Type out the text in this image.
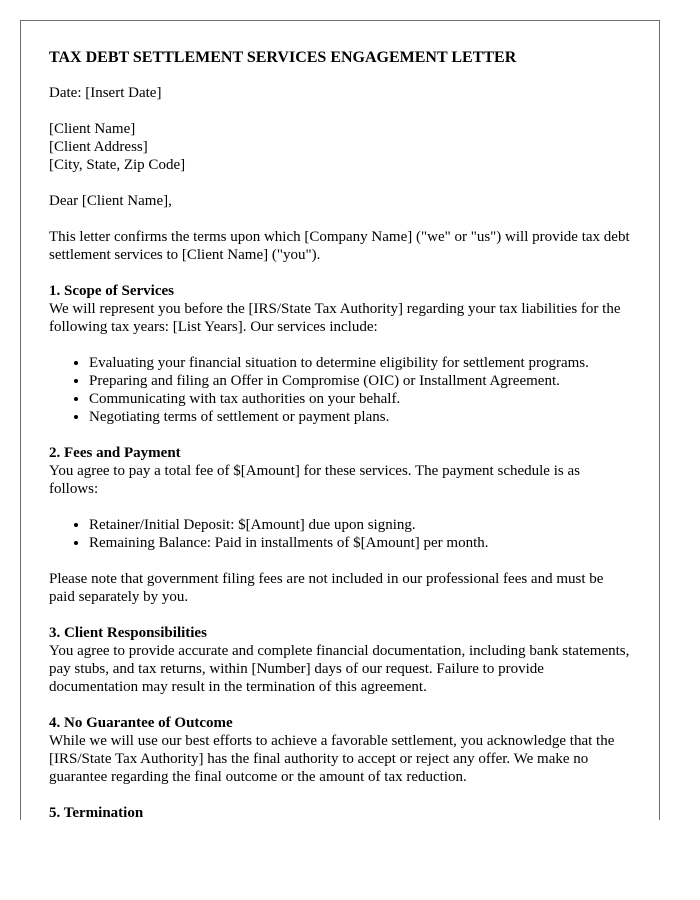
TAX DEBT SETTLEMENT SERVICES ENGAGEMENT LETTER

Date: [Insert Date]

[Client Name]
[Client Address]
[City, State, Zip Code]

Dear [Client Name],

This letter confirms the terms upon which [Company Name] ("we" or "us") will provide tax debt settlement services to [Client Name] ("you").

1. Scope of Services

We will represent you before the [IRS/State Tax Authority] regarding your tax liabilities for the following tax years: [List Years]. Our services include:

• Evaluating your financial situation to determine eligibility for settlement programs.
• Preparing and filing an Offer in Compromise (OIC) or Installment Agreement.
• Communicating with tax authorities on your behalf.
• Negotiating terms of settlement or payment plans.
2. Fees and Payment

You agree to pay a total fee of $[Amount] for these services. The payment schedule is as follows:

• Retainer/Initial Deposit: $[Amount] due upon signing.
• Remaining Balance: Paid in installments of $[Amount] per month.

Please note that government filing fees are not included in our professional fees and must be paid separately by you.

3. Client Responsibilities

You agree to provide accurate and complete financial documentation, including bank statements, pay stubs, and tax returns, within [Number] days of our request. Failure to provide documentation may result in the termination of this agreement.

4. No Guarantee of Outcome

While we will use our best efforts to achieve a favorable settlement, you acknowledge that the [IRS/State Tax Authority] has the final authority to accept or reject any offer. We make no guarantee regarding the final outcome or the amount of tax reduction.

5. Termination
